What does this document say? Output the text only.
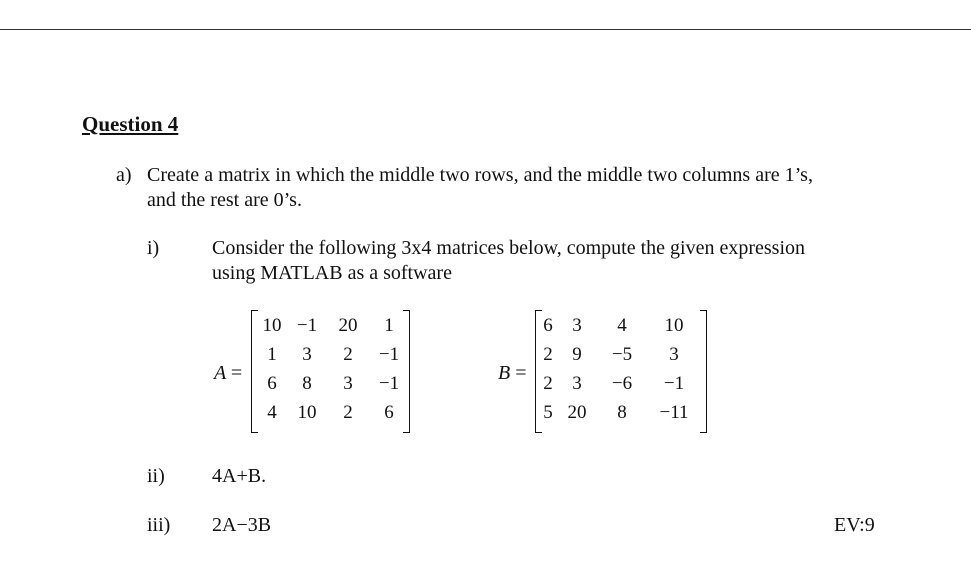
Question 4
a) Create a matrix in which the middle two rows, and the middle two columns are 1’s,
and the rest are 0’s.
i)	Consider the following 3x4 matrices below, compute the given expression
using MATLAB as a software
A =
10	−1	20	1
1	3	2	−1
6	8	3	−1
4	10	2	6
B =
6	3	4	10
2	9	−5	3
2	3	−6	−1
5	20	8	−11
ii) 4A+B.
iii) 2A−3B	EV:9
